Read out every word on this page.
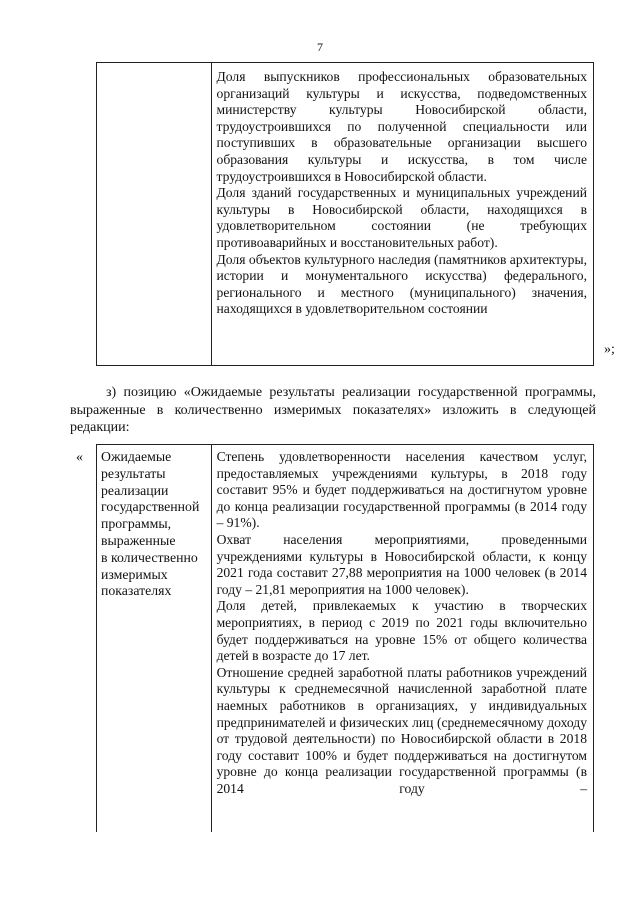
7

Доля выпускников профессиональных образовательных организаций культуры и искусства, подведомственных министерству культуры Новосибирской области, трудоустроившихся по полученной специальности или поступивших в образовательные организации высшего образования культуры и искусства, в том числе трудоустроившихся в Новосибирской области.

Доля зданий государственных и муниципальных учреждений культуры в Новосибирской области, находящихся в удовлетворительном состоянии (не требующих противоаварийных и восстановительных работ).

Доля объектов культурного наследия (памятников архитектуры, истории и монументального искусства) федерального, регионального и местного (муниципального) значения, находящихся в удовлетворительном состоянии

»;

з) позицию «Ожидаемые результаты реализации государственной программы, выраженные в количественно измеримых показателях» изложить в следующей редакции:

« Ожидаемые
результаты
реализации
государственной
программы,
выраженные
в количественно
измеримых
показателях

Степень удовлетворенности населения качеством услуг, предоставляемых учреждениями культуры, в 2018 году составит 95% и будет поддерживаться на достигнутом уровне до конца реализации государственной программы (в 2014 году – 91%).

Охват населения мероприятиями, проведенными учреждениями культуры в Новосибирской области, к концу 2021 года составит 27,88 мероприятия на 1000 человек (в 2014 году – 21,81 мероприятия на 1000 человек).

Доля детей, привлекаемых к участию в творческих мероприятиях, в период с 2019 по 2021 годы включительно будет поддерживаться на уровне 15% от общего количества детей в возрасте до 17 лет.

Отношение средней заработной платы работников учреждений культуры к среднемесячной начисленной заработной плате наемных работников в организациях, у индивидуальных предпринимателей и физических лиц (среднемесячному доходу от трудовой деятельности) по Новосибирской области в 2018 году составит 100% и будет поддерживаться на достигнутом уровне до конца реализации государственной программы (в 2014 году –
